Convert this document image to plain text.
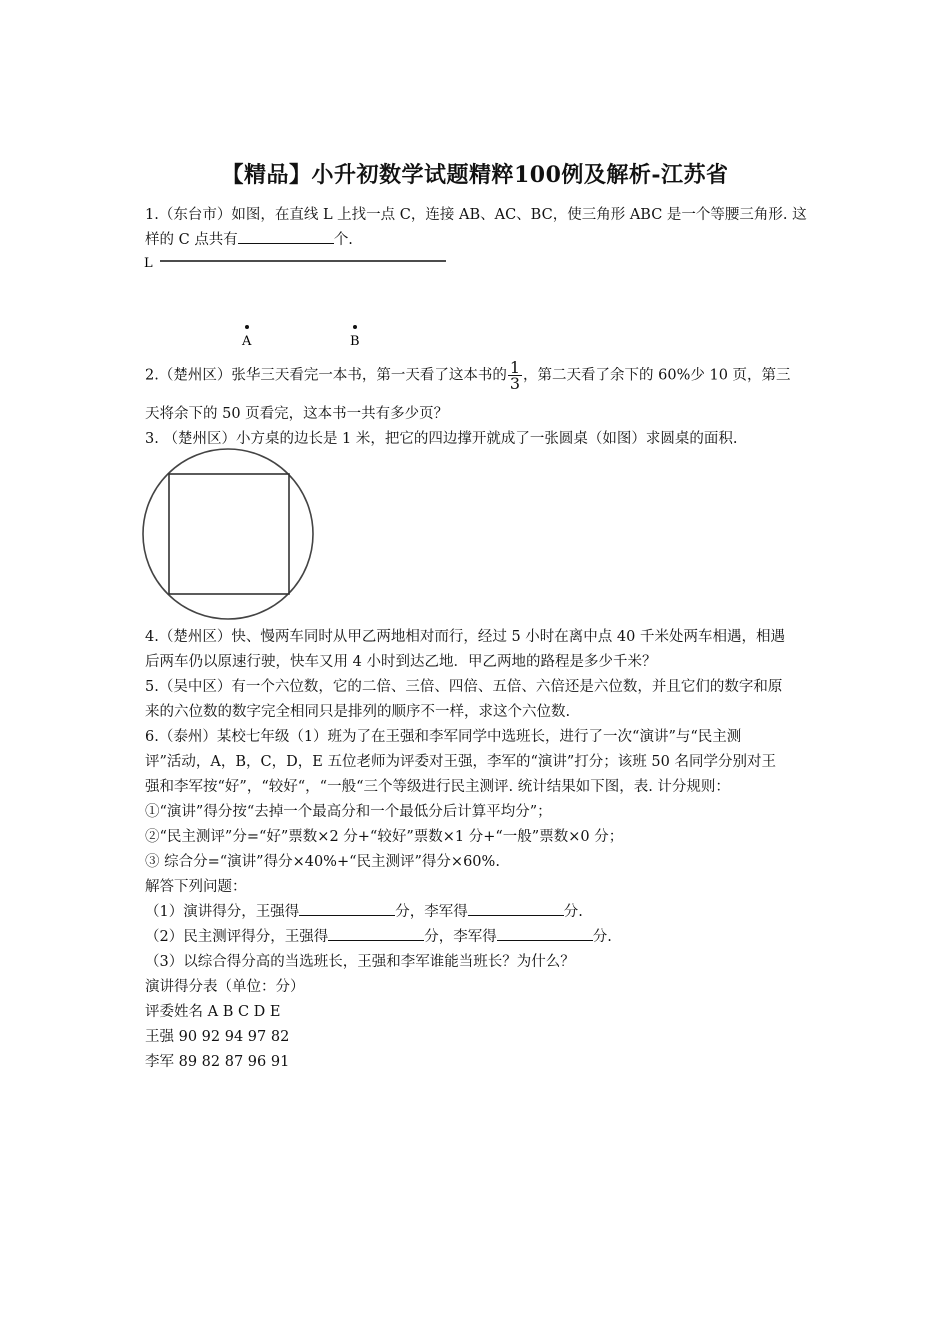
【精品】小升初数学试题精粹100例及解析-江苏省
1.（东台市）如图，在直线 L 上找一点 C，连接 AB、AC、BC，使三角形 ABC 是一个等腰三角形. 这
样的 C 点共有	个.
L
A	B
2.（楚州区）张华三天看完一本书，第一天看了这本书的 $\frac{1}{3}$ ，第二天看了余下的 60%少 10 页，第三
天将余下的 50 页看完，这本书一共有多少页？
3. （楚州区）小方桌的边长是 1 米，把它的四边撑开就成了一张圆桌（如图）求圆桌的面积.
4.（楚州区）快、慢两车同时从甲乙两地相对而行，经过 5 小时在离中点 40 千米处两车相遇，相遇
后两车仍以原速行驶，快车又用 4 小时到达乙地．甲乙两地的路程是多少千米？
5.（吴中区）有一个六位数，它的二倍、三倍、四倍、五倍、六倍还是六位数，并且它们的数字和原
来的六位数的数字完全相同只是排列的顺序不一样，求这个六位数.
6.（泰州）某校七年级（1）班为了在王强和李军同学中选班长，进行了一次“演讲”与“民主测
评”活动，A，B，C，D，E 五位老师为评委对王强，李军的“演讲”打分；该班 50 名同学分别对王
强和李军按“好”，“较好“，“一般“三个等级进行民主测评. 统计结果如下图，表. 计分规则：
①“演讲”得分按“去掉一个最高分和一个最低分后计算平均分”；
②“民主测评”分=“好”票数×2 分+“较好”票数×1 分+“一般”票数×0 分；
③ 综合分=“演讲”得分×40%+“民主测评”得分×60%.
解答下列问题：
（1）演讲得分，王强得	分，李军得	分.
（2）民主测评得分，王强得	分，李军得	分.
（3）以综合得分高的当选班长，王强和李军谁能当班长？为什么？
演讲得分表（单位：分）
评委姓名 A B C D E
王强 90 92 94 97 82
李军 89 82 87 96 91
